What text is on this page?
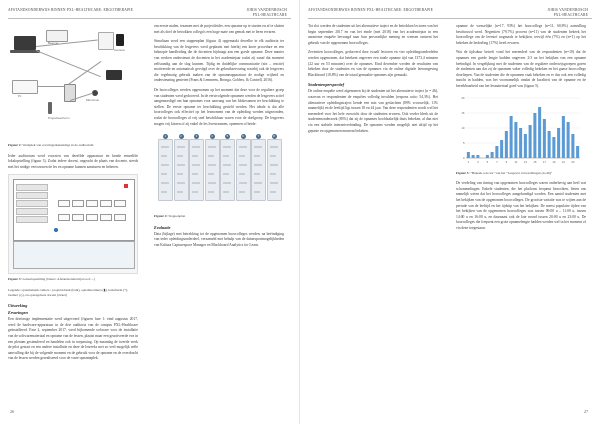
AFSTANDSONDERWIJS BINNEN PXL-HEALTHCARE: ERGOTHERAPIE	JORIS VANDENBOSCH
PXL-HEALTHCARE
Beamer
Camera
Pc
Microfoon
Projectiescherm
Figuur 2: Werkplek van ervaringsdeskundige in de auditorium

Ieder auditorium werd voorzien van dezelfde apparatuur en kende eenzelfde lokalopstelling (figuur 3). Zodat iedere docent, ongeacht de plaats van docente, steeds met het nodige vertrouwen de les en opname kunnen aansturen en beheren.

Figuur 3: Lokaalopstelling (blauw: Afstandsonderwijs/rood: ...)
Legende: opnamebank camera / projectiebank (balk), opnamecamera (▮), ledscherm (+), beamer (◇), en opstapplaats docent (cirkel)
Uitwerking
Ervaringen

Een driefasige implementatie werd uitgevoerd (figuren fase 1: eind augustus 2017, werd de hardware-apparatuur in de drie auditoria van de campus PXL-Healthcare geïnstalleerd. Fase 2, september 2017, werd bijkomende software voor de installatie van de softwaremateriaal en opname van de lessen, plaatst maar een geactiveerde eva in een plenum gesimuleerd en handelen ook in toepassing. Op maandag de tweede werk de pilot gestart en een andere installatie en deze de lesreeks met zo veel mogelijk reële aanvulling die bij de volgende moment en de gebruik voor de opname en de overdracht van de lessen werden gerealiseerd voor de vaste opnameplek.

om eerste malen, tezamen met de projectleider, een opname op te starten en af te sluiten met als doel de betrokken collega's een hoge mate van gemak met te leren ervaren.

Simultaan werd een stappenplan (figuur 4) opgemaakt dewelke in elk auditoria ter beschikking van de lesgevers werd geplaatst met hierbij een korte procedure en een beknopte handleiding die de docenten bijdraagt aan een goede opname. Deze manier van werken ondersteunt de docenten in het academiejaar zodat zij vanaf dat moment zelfstandig aan de slag kunnen. Tijdig en duidelijke communicatie (zin – reactie) motiveerde en automatisch gevolgd over de gebruikservaring waarbij ook de lesgevers die regelmatig gebruik maken van de opnameapparatuur de nodige vrijheid en ondersteuning genieten (Frans & Lemmens, Bronga, Golders, & Cantrell, 2016).

De hoorcolleges werden opgenomen op het moment dat deze voor de reguliere groep van studenten werd gedoceerd. In de eerstvolgende opnamen werden de lesgevers actief aangemoedigd om hun opnames voor aanvang van het blokexamen ter beschikking te stellen. De eerste opname ter beschikking gesteld werden. Het ideale is dat alle hoorcolleges ook effectief op het lesmoment van de opleiding werden uitgezonden, zodat de hoorcolleges al vrij snel beschikbaar waren voor de doelgroep. De lesgevers mogen vrij kiezen of zij enkel de les livestreamen, opnemen of beide.

1	2	3	4	5	6	7	8
Figuur 4: Stappenplan
Evaluatie

Data (bijlage) met betrekking tot de opgenomen hoorcolleges werden, na beëindiging van ieder opleidingsonderdeel, verzameld met behulp van de dataexportmogelijkheden van Kaltura Capturespace Manager en Blackboard Analytics for Learn.

26
AFSTANDSONDERWIJS BINNEN PXL-HEALTHCARE: ERGOTHERAPIE	JORIS VANDENBOSCH
PXL-HEALTHCARE

Tot slot werden de studenten uit het alternatieve traject en de betrokken lectoren van het begin september 2017 en van het einde (mei 2018) van het academiejaar in een anonieme enquête bevraagd naar hun persoonlijke mening en wensen omtrent het gebruik van de opgenomen hoorcolleges.

Zeventien hoorcolleges, gedoceerd door twaalf lectoren en vier opleidingsonderdelen werden opgenomen, dat betekent ongeveer een totale opname tijd van 1373,4 minuten (22 uur en 53 minuten) over de opnames. Eind december werden de resultaten van bekeken door de studenten en van de opnames via de online digitale leeromgeving Blackboard (18,8%) van de totaal gemaakte opnames zijn gemaakt.

Studentenperspectief

De online enquête werd afgenomen bij de studenten uit het alternatieve traject (n = 46), waarvan er respondenten de enquêtes volledig invulden (respons ratio: 54,3%). Het alternatieve opleidingstraject kende een mix van geslachten (89% vrouwelijk, 11% mannelijk) en de leeftijd ligt tussen 18 en 44 jaar. Van deze respondenten wordt wel het merendeel voor het hele overzicht door de studenten ervaren. Ook verder bleek uit de studentenonderzoek (83%) dat zij de opnames hoofdzakelijk thuis bekeken, al dan niet via een stabiele internetverbinding. De opnames werden mogelijk niet altijd op het gepaste en opgenomen moment bekeken.

opname de wenselijke (n=17, 93%) het hoorcollege (n=11, 60,8%) aanvulling beschouwd werd. Negentien (79,7%) procent (n=11) van de studenten bekeek het hoorcollege om de leerstof nogmaals te bekijken, terwijl één (7%) en (n=1) op het bekeken de bedoeling (17%) heeft ervaren.

Wat de tijdsduur betreft vond het merendeel van de respondenten (n=10) dat de opnames een goede lengte hadden ongeveer 2/3 na het bekijken van een opname beëindigd. In vergelijking met de studenten van de reguliere onderwijsgroepen gaven de studenten aan dat zij de opnamen vaker volledig bekeken en het ganse hoorcollege doorliepen. Van de studenten die de opnamen vaak bekeken en er dus ook een volledig inzicht in hadden, was het voornamelijk omdat de kwaliteit van de opname en de bereikbaarheid van het lesmateriaal goed was (figuur 5).

1	3	5	7	9	11 13 15 17 19 21 23
0
5
10
15
20
Figuur 5: "Bekeek u de les" van het "Lesgever verwachtingen (n=46)"

De verdeling van timing van opgenomen hoorcolleges waren onderhevig aan heel wat schommelingen. Enkele studenten, die het platform frequent bezochten, lieten ons namelijk weten dat het hoorcolleges aangekondigd worden. Een aantal studenten met het bekijken van de opgenomen hoorcolleges. De grootste variatie was te wijten aan de periode van de leeftijd en het tijdstip van het bekijken. De meest populaire tijden van het bekijken van de opgenomen hoorcolleges was tussen 09:00 u – 11:00 u, tussen 14:00 u en 16:00 u, en daarnaast ook de late avond tussen 20:00 u en 23:00 u. De hoorcolleges die frequent een grote opnamelengte hadden werden wel in het moment of via deze toegestaan.

27
